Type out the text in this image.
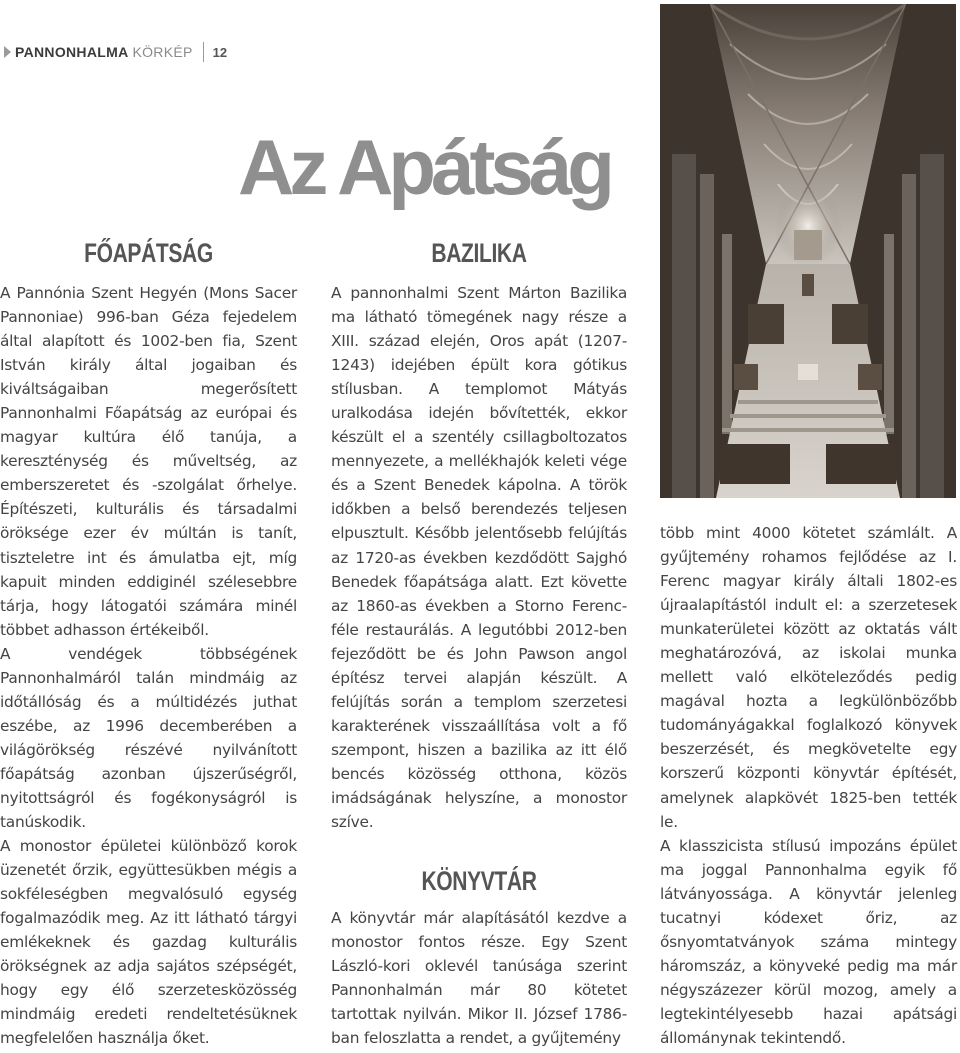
PANNONHALMA KÖRKÉP 12
Az Apátság
FŐAPÁTSÁG	BAZILIKA
KÖNYVTÁR

A Pannónia Szent Hegyén (Mons Sacer Pannoniae) 996-ban Géza fejedelem által alapított és 1002-ben fia, Szent István király által jogaiban és kiváltságaiban megerősített Pannonhalmi Főapátság az európai és magyar kultúra élő tanúja, a kereszténység és műveltség, az emberszeretet és -szolgálat őrhelye. Építészeti, kulturális és társadalmi öröksége ezer év múltán is tanít, tiszteletre int és ámulatba ejt, míg kapuit minden eddiginél szélesebbre tárja, hogy látogatói számára minél többet adhasson értékeiből.

A vendégek többségének Pannonhalmáról talán mindmáig az időtállóság és a múltidézés juthat eszébe, az 1996 decemberében a világörökség részévé nyilvánított főapátság azonban újszerűségről, nyitottságról és fogékonyságról is tanúskodik.

A monostor épületei különböző korok üzenetét őrzik, együttesükben mégis a sokféleségben megvalósuló egység fogalmazódik meg. Az itt látható tárgyi emlékeknek és gazdag kulturális örökségnek az adja sajátos szépségét, hogy egy élő szerzetesközösség mindmáig eredeti rendeltetésüknek megfelelően használja őket.

A pannonhalmi Szent Márton Bazilika ma látható tömegének nagy része a XIII. század elején, Oros apát (1207-1243) idejében épült kora gótikus stílusban. A templomot Mátyás uralkodása idején bővítették, ekkor készült el a szentély csillagboltozatos mennyezete, a mellékhajók keleti vége és a Szent Benedek kápolna. A török időkben a belső berendezés teljesen elpusztult. Később jelentősebb felújítás az 1720-as években kezdődött Sajghó Benedek főapátsága alatt. Ezt követte az 1860-as években a Storno Ferenc-féle restaurálás. A legutóbbi 2012-ben fejeződött be és John Pawson angol építész tervei alapján készült. A felújítás során a templom szerzetesi karakterének visszaállítása volt a fő szempont, hiszen a bazilika az itt élő bencés közösség otthona, közös imádságának helyszíne, a monostor szíve.

A könyvtár már alapításától kezdve a monostor fontos része. Egy Szent László-kori oklevél tanúsága szerint Pannonhalmán már 80 kötetet tartottak nyilván. Mikor II. József 1786-ban feloszlatta a rendet, a gyűjtemény

több mint 4000 kötetet számlált. A gyűjtemény rohamos fejlődése az I. Ferenc magyar király általi 1802-es újraalapítástól indult el: a szerzetesek munkaterületei között az oktatás vált meghatározóvá, az iskolai munka mellett való elköteleződés pedig magával hozta a legkülönbözőbb tudományágakkal foglalkozó könyvek beszerzését, és megkövetelte egy korszerű központi könyvtár építését, amelynek alapkövét 1825-ben tették le.

A klasszicista stílusú impozáns épület ma joggal Pannonhalma egyik fő látványossága. A könyvtár jelenleg tucatnyi kódexet őriz, az ősnyomtatványok száma mintegy háromszáz, a könyveké pedig ma már négyszázezer körül mozog, amely a legtekintélyesebb hazai apátsági állománynak tekintendő.
